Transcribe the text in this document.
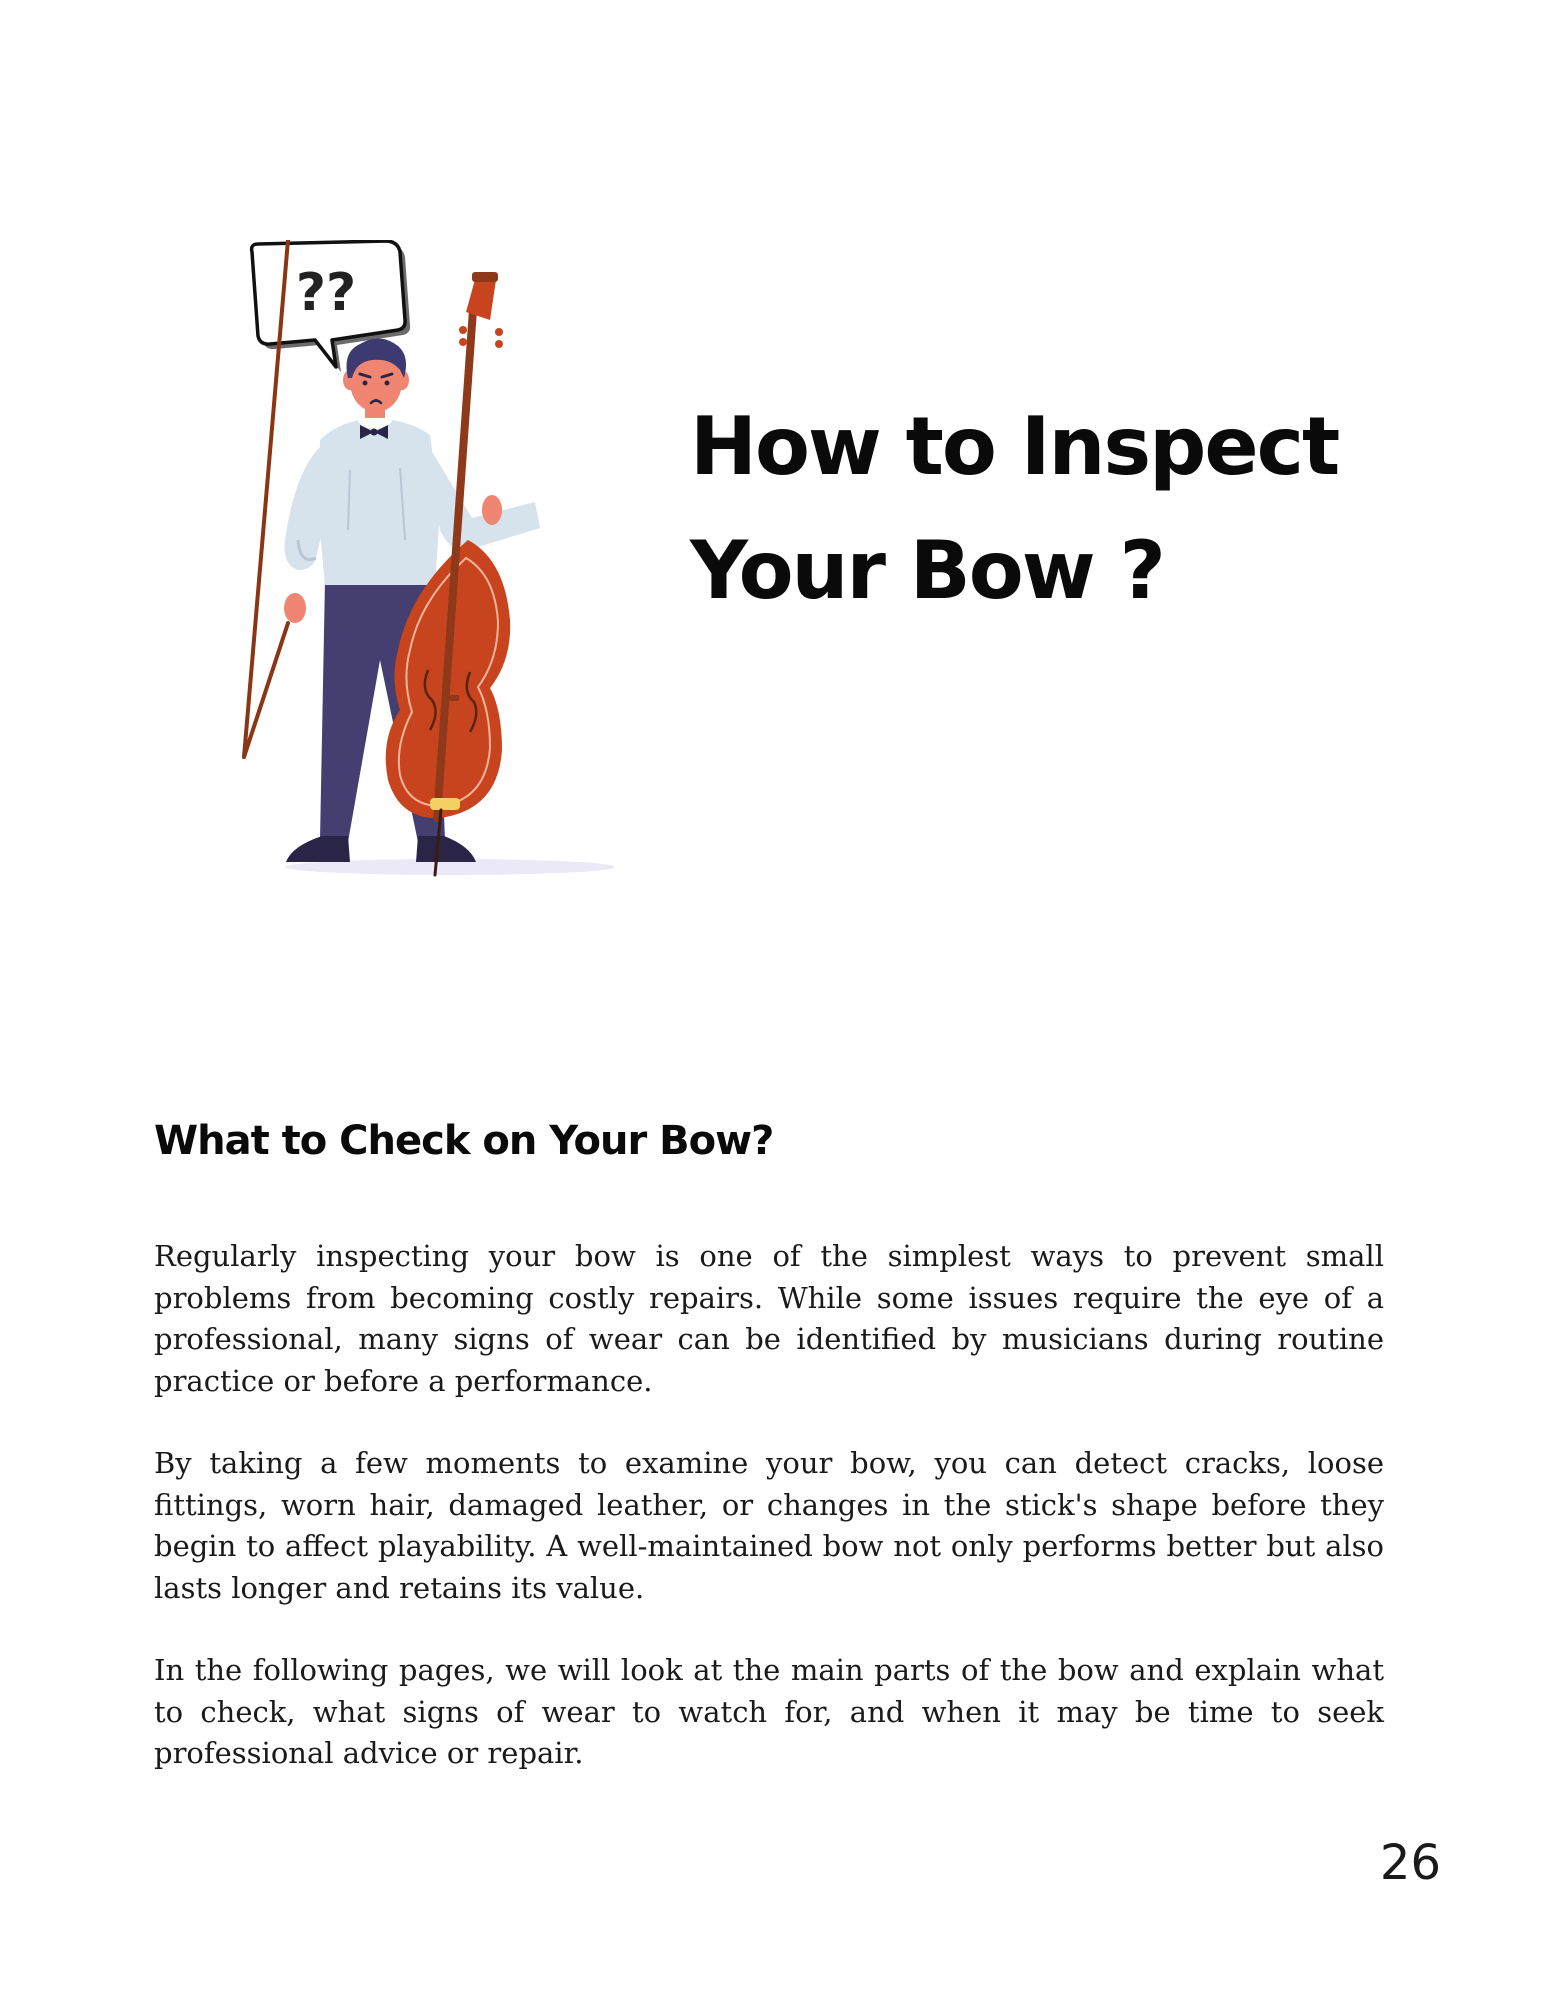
??
How to Inspect
Your Bow ?
What to Check on Your Bow?

Regularly inspecting your bow is one of the simplest ways to prevent small problems from becoming costly repairs. While some issues require the eye of a professional, many signs of wear can be identified by musicians during routine practice or before a performance.

By taking a few moments to examine your bow, you can detect cracks, loose fittings, worn hair, damaged leather, or changes in the stick's shape before they begin to affect playability. A well-maintained bow not only performs better but also lasts longer and retains its value.

In the following pages, we will look at the main parts of the bow and explain what to check, what signs of wear to watch for, and when it may be time to seek professional advice or repair.

26
